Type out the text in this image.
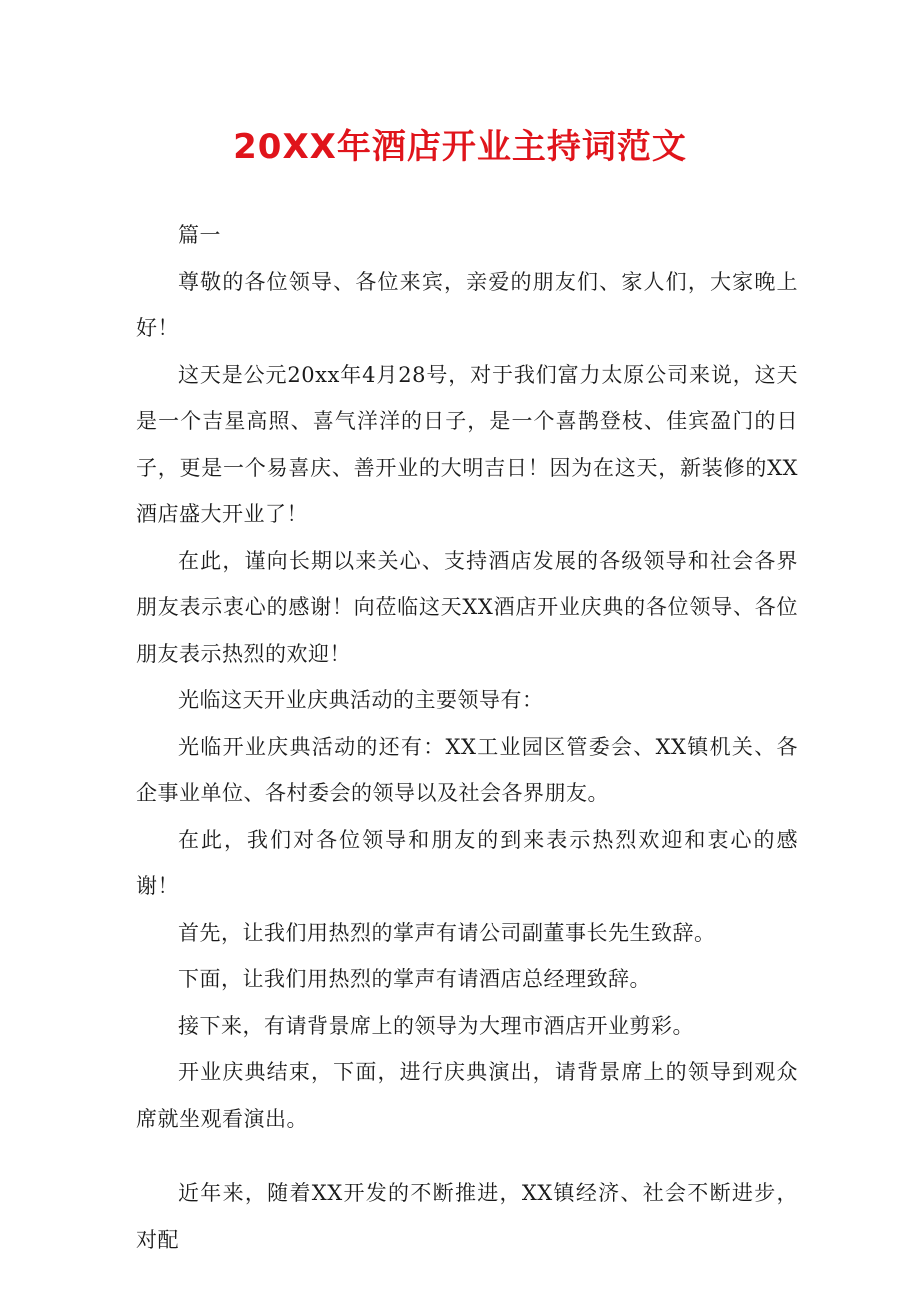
20XX年酒店开业主持词范文

篇一

尊敬的各位领导、各位来宾，亲爱的朋友们、家人们，大家晚上好！

这天是公元20xx年4月28号，对于我们富力太原公司来说，这天是一个吉星高照、喜气洋洋的日子，是一个喜鹊登枝、佳宾盈门的日子，更是一个易喜庆、善开业的大明吉日！因为在这天，新装修的XX酒店盛大开业了！

在此，谨向长期以来关心、支持酒店发展的各级领导和社会各界朋友表示衷心的感谢！向莅临这天XX酒店开业庆典的各位领导、各位朋友表示热烈的欢迎！

光临这天开业庆典活动的主要领导有：

光临开业庆典活动的还有：XX工业园区管委会、XX镇机关、各企事业单位、各村委会的领导以及社会各界朋友。

在此，我们对各位领导和朋友的到来表示热烈欢迎和衷心的感谢！

首先，让我们用热烈的掌声有请公司副董事长先生致辞。

下面，让我们用热烈的掌声有请酒店总经理致辞。

接下来，有请背景席上的领导为大理市酒店开业剪彩。

开业庆典结束，下面，进行庆典演出，请背景席上的领导到观众席就坐观看演出。

近年来，随着XX开发的不断推进，XX镇经济、社会不断进步，对配
